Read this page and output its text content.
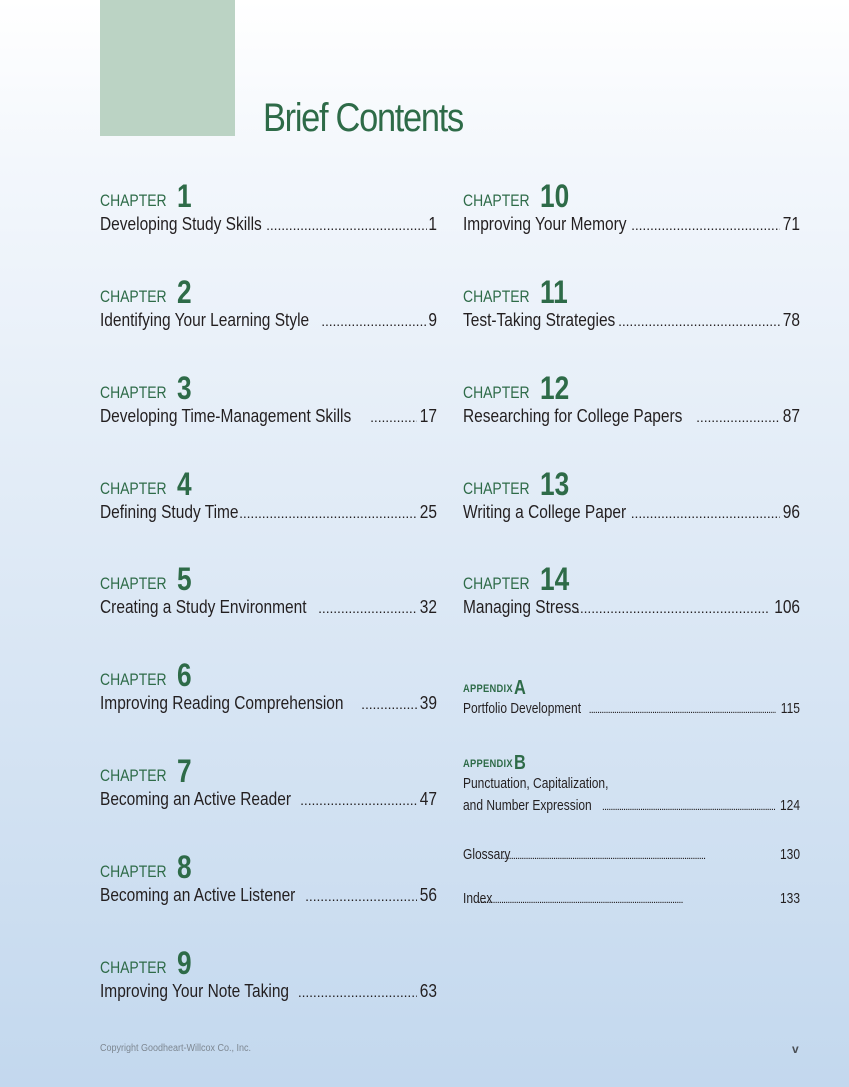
Brief Contents
CHAPTER 1
Developing Study Skills . . .	1
CHAPTER 2
Identifying Your Learning Style . . .	9
CHAPTER 3
Developing Time-Management Skills . . .	17
CHAPTER 4
Defining Study Time . . .	25
CHAPTER 5
Creating a Study Environment . . .	32
CHAPTER 6
Improving Reading Comprehension . . .	39
CHAPTER 7
Becoming an Active Reader . . .	47
CHAPTER 8
Becoming an Active Listener . . .	56
CHAPTER 9
Improving Your Note Taking . . .	63
CHAPTER 10
Improving Your Memory . . .	71
CHAPTER 11
Test-Taking Strategies . . .	78
CHAPTER 12
Researching for College Papers . . .	87
CHAPTER 13
Writing a College Paper . . .	96
CHAPTER 14
Managing Stress . . .	106
APPENDIX A
Portfolio Development . . .	115
APPENDIX B
Punctuation, Capitalization,
and Number Expression . . .	124
Glossary . . .	130
Index . . .	133
Copyright Goodheart-Willcox Co., Inc.	v
